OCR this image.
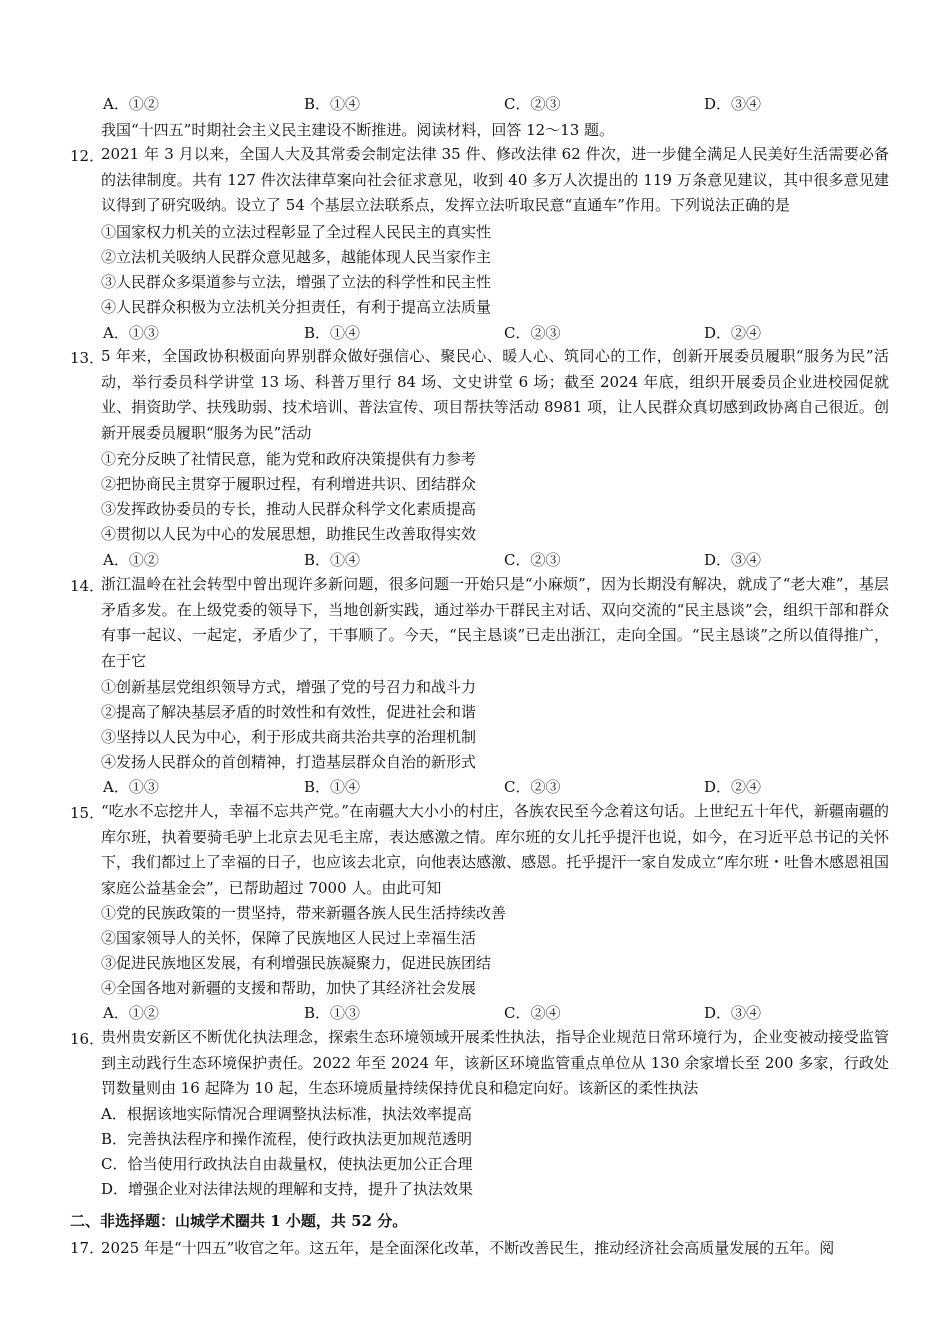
A．①②	B．①④	C．②③	D．③④
我国“十四五”时期社会主义民主建设不断推进。阅读材料，回答 12～13 题。
12．
2021 年 3 月以来，全国人大及其常委会制定法律 35 件、修改法律 62 件次，进一步健全满足人民美好生活需要必备的法律制度。共有 127 件次法律草案向社会征求意见，收到 40 多万人次提出的 119 万条意见建议，其中很多意见建议得到了研究吸纳。设立了 54 个基层立法联系点，发挥立法听取民意“直通车”作用。下列说法正确的是
①国家权力机关的立法过程彰显了全过程人民民主的真实性
②立法机关吸纳人民群众意见越多，越能体现人民当家作主
③人民群众多渠道参与立法，增强了立法的科学性和民主性
④人民群众积极为立法机关分担责任，有利于提高立法质量
A．①③	B．①④	C．②③	D．②④
13．
5 年来，全国政协积极面向界别群众做好强信心、聚民心、暖人心、筑同心的工作，创新开展委员履职“服务为民”活动，举行委员科学讲堂 13 场、科普万里行 84 场、文史讲堂 6 场；截至 2024 年底，组织开展委员企业进校园促就业、捐资助学、扶残助弱、技术培训、普法宣传、项目帮扶等活动 8981 项，让人民群众真切感到政协离自己很近。创新开展委员履职“服务为民”活动
①充分反映了社情民意，能为党和政府决策提供有力参考
②把协商民主贯穿于履职过程，有利增进共识、团结群众
③发挥政协委员的专长，推动人民群众科学文化素质提高
④贯彻以人民为中心的发展思想，助推民生改善取得实效
A．①②	B．①④	C．②③	D．③④
14．
浙江温岭在社会转型中曾出现许多新问题，很多问题一开始只是“小麻烦”，因为长期没有解决，就成了“老大难”，基层矛盾多发。在上级党委的领导下，当地创新实践，通过举办干群民主对话、双向交流的“民主恳谈”会，组织干部和群众有事一起议、一起定，矛盾少了，干事顺了。今天，“民主恳谈”已走出浙江，走向全国。“民主恳谈”之所以值得推广，在于它
①创新基层党组织领导方式，增强了党的号召力和战斗力
②提高了解决基层矛盾的时效性和有效性，促进社会和谐
③坚持以人民为中心，利于形成共商共治共享的治理机制
④发扬人民群众的首创精神，打造基层群众自治的新形式
A．①③	B．①④	C．②③	D．②④
15．
“吃水不忘挖井人，幸福不忘共产党。”在南疆大大小小的村庄，各族农民至今念着这句话。上世纪五十年代，新疆南疆的库尔班，执着要骑毛驴上北京去见毛主席，表达感激之情。库尔班的女儿托乎提汗也说，如今，在习近平总书记的关怀下，我们都过上了幸福的日子，也应该去北京，向他表达感激、感恩。托乎提汗一家自发成立“库尔班・吐鲁木感恩祖国家庭公益基金会”，已帮助超过 7000 人。由此可知
①党的民族政策的一贯坚持，带来新疆各族人民生活持续改善
②国家领导人的关怀，保障了民族地区人民过上幸福生活
③促进民族地区发展，有利增强民族凝聚力，促进民族团结
④全国各地对新疆的支援和帮助，加快了其经济社会发展
A．①②	B．①③	C．②④	D．③④
16．
贵州贵安新区不断优化执法理念，探索生态环境领域开展柔性执法，指导企业规范日常环境行为，企业变被动接受监管到主动践行生态环境保护责任。2022 年至 2024 年，该新区环境监管重点单位从 130 余家增长至 200 多家，行政处罚数量则由 16 起降为 10 起，生态环境质量持续保持优良和稳定向好。该新区的柔性执法
A．根据该地实际情况合理调整执法标准，执法效率提高
B．完善执法程序和操作流程，使行政执法更加规范透明
C．恰当使用行政执法自由裁量权，使执法更加公正合理
D．增强企业对法律法规的理解和支持，提升了执法效果
二、非选择题：山城学术圈共 1 小题，共 52 分。
17．
2025 年是“十四五”收官之年。这五年，是全面深化改革，不断改善民生，推动经济社会高质量发展的五年。阅
